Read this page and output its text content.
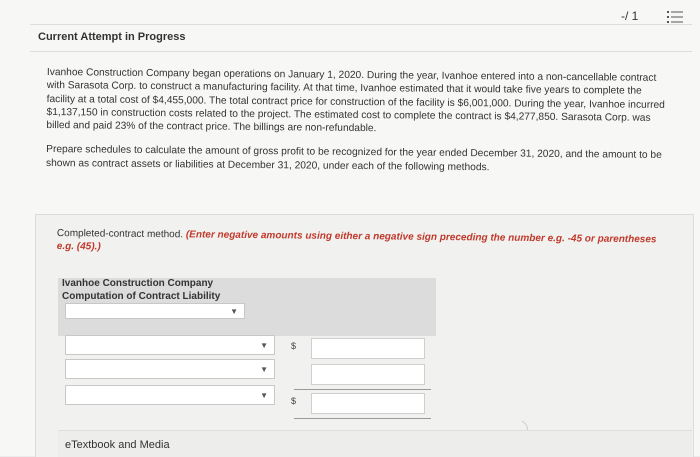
-/ 1
Current Attempt in Progress

Ivanhoe Construction Company began operations on January 1, 2020. During the year, Ivanhoe entered into a non-cancellable contract with Sarasota Corp. to construct a manufacturing facility. At that time, Ivanhoe estimated that it would take five years to complete the facility at a total cost of $4,455,000. The total contract price for construction of the facility is $6,001,000. During the year, Ivanhoe incurred $1,137,150 in construction costs related to the project. The estimated cost to complete the contract is $4,277,850. Sarasota Corp. was billed and paid 23% of the contract price. The billings are non-refundable.

Prepare schedules to calculate the amount of gross profit to be recognized for the year ended December 31, 2020, and the amount to be shown as contract assets or liabilities at December 31, 2020, under each of the following methods.

Completed-contract method. (Enter negative amounts using either a negative sign preceding the number e.g. -45 or parentheses e.g. (45).)
Ivanhoe Construction Company
Computation of Contract Liability
▼
▼	$
▼
▼
$
eTextbook and Media
